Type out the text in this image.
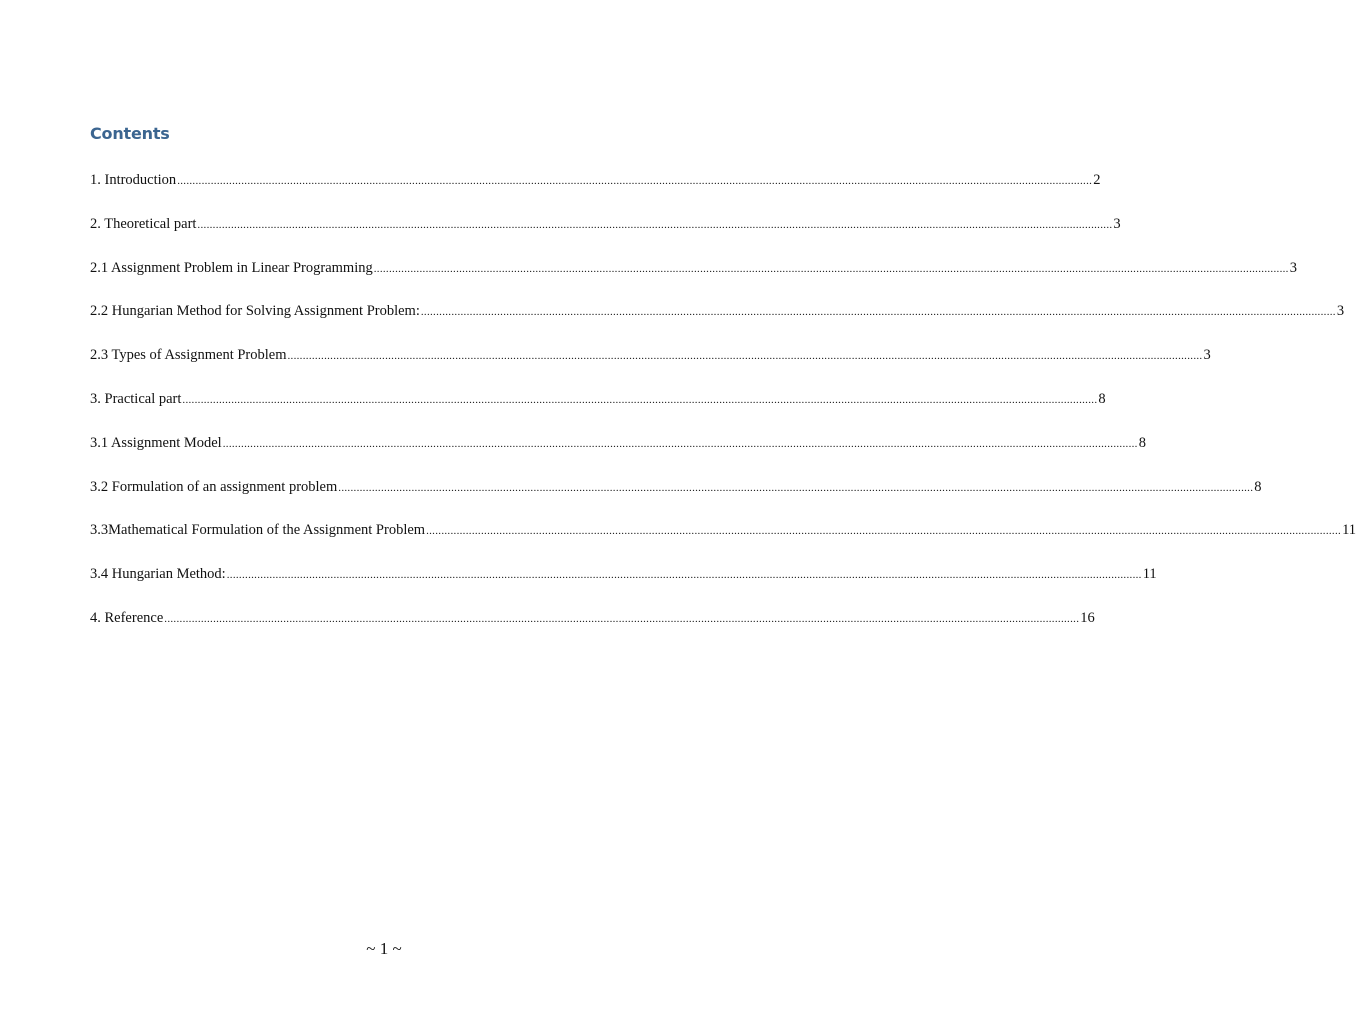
Contents
1. Introduction ............................................................................................................................................................................................................................................................................................................ 2
2. Theoretical part ............................................................................................................................................................................................................................................................................................................ 3
2.1 Assignment Problem in Linear Programming ............................................................................................................................................................................................................................................................................................................ 3
2.2 Hungarian Method for Solving Assignment Problem: ............................................................................................................................................................................................................................................................................................................ 3
2.3 Types of Assignment Problem ............................................................................................................................................................................................................................................................................................................ 3
3. Practical part ............................................................................................................................................................................................................................................................................................................ 8
3.1 Assignment Model ............................................................................................................................................................................................................................................................................................................ 8
3.2 Formulation of an assignment problem ............................................................................................................................................................................................................................................................................................................ 8
3.3Mathematical Formulation of the Assignment Problem ............................................................................................................................................................................................................................................................................................................ 11
3.4 Hungarian Method: ............................................................................................................................................................................................................................................................................................................ 11
4. Reference ............................................................................................................................................................................................................................................................................................................ 16
~ 1 ~
